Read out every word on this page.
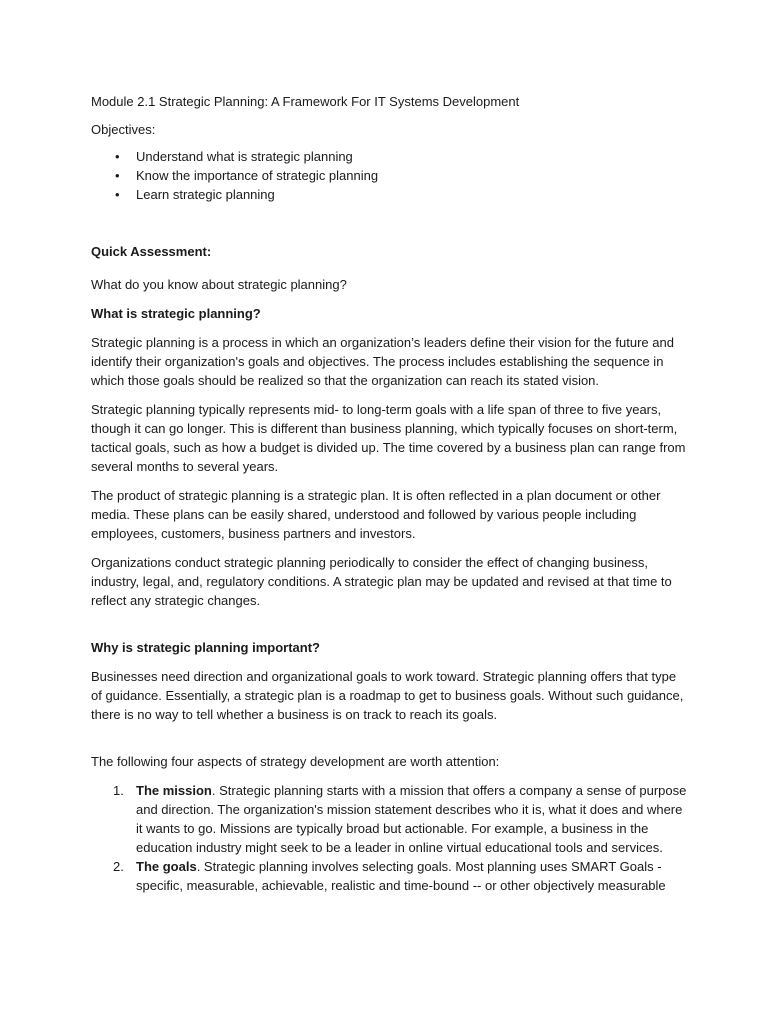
Module 2.1 Strategic Planning: A Framework For IT Systems Development

Objectives:

• Understand what is strategic planning
• Know the importance of strategic planning
• Learn strategic planning

Quick Assessment:

What do you know about strategic planning?

What is strategic planning?

Strategic planning is a process in which an organization’s leaders define their vision for the future and identify their organization's goals and objectives. The process includes establishing the sequence in which those goals should be realized so that the organization can reach its stated vision.

Strategic planning typically represents mid- to long-term goals with a life span of three to five years, though it can go longer. This is different than business planning, which typically focuses on short-term, tactical goals, such as how a budget is divided up. The time covered by a business plan can range from several months to several years.

The product of strategic planning is a strategic plan. It is often reflected in a plan document or other media. These plans can be easily shared, understood and followed by various people including employees, customers, business partners and investors.

Organizations conduct strategic planning periodically to consider the effect of changing business, industry, legal, and, regulatory conditions. A strategic plan may be updated and revised at that time to reflect any strategic changes.

Why is strategic planning important?

Businesses need direction and organizational goals to work toward. Strategic planning offers that type of guidance. Essentially, a strategic plan is a roadmap to get to business goals. Without such guidance, there is no way to tell whether a business is on track to reach its goals.

The following four aspects of strategy development are worth attention:

1. The mission. Strategic planning starts with a mission that offers a company a sense of purpose and direction. The organization's mission statement describes who it is, what it does and where it wants to go. Missions are typically broad but actionable. For example, a business in the education industry might seek to be a leader in online virtual educational tools and services.
2. The goals. Strategic planning involves selecting goals. Most planning uses SMART Goals - specific, measurable, achievable, realistic and time-bound -- or other objectively measurable
